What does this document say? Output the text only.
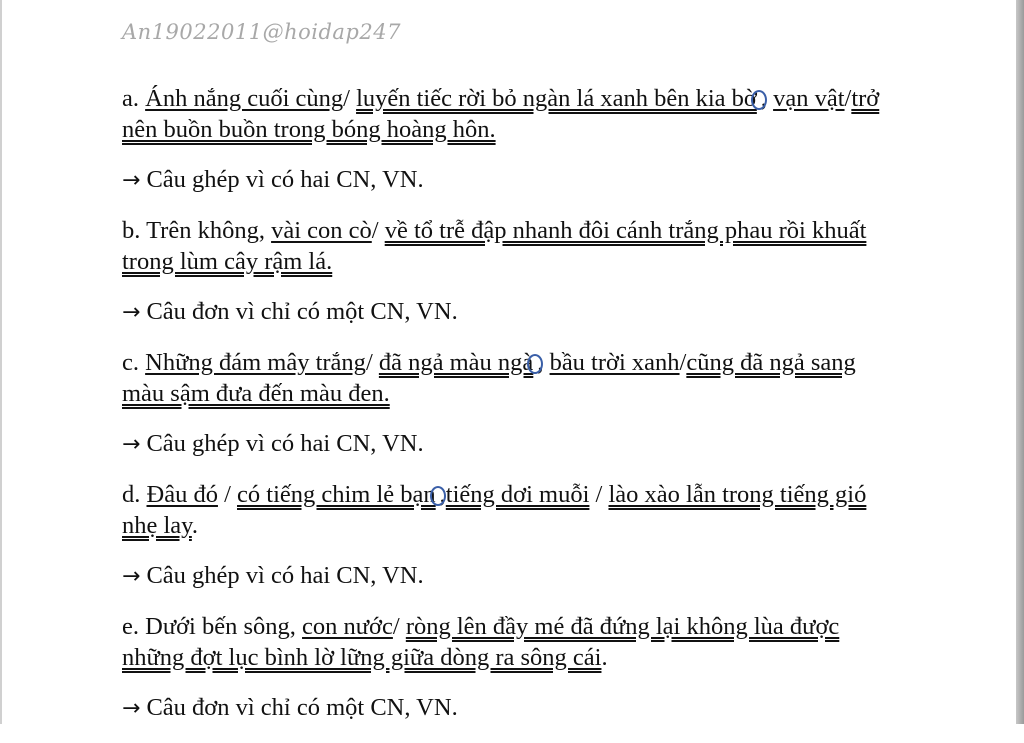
An19022011@hoidap247
a. Ánh nắng cuối cùng/ luyến tiếc rời bỏ ngàn lá xanh bên kia bờ , vạn vật/trở nên buồn buồn trong bóng hoàng hôn.
→ Câu ghép vì có hai CN, VN.
b. Trên không, vài con cò/ về tổ trễ đập nhanh đôi cánh trắng phau rồi khuất trong lùm cây rậm lá.
→ Câu đơn vì chỉ có một CN, VN.
c. Những đám mây trắng/ đã ngả màu ngà , bầu trời xanh/cũng đã ngả sang màu sậm đưa đến màu đen.
→ Câu ghép vì có hai CN, VN.
d. Đâu đó / có tiếng chim lẻ bạn ,tiếng dơi muỗi / lào xào lẫn trong tiếng gió nhẹ lay.
→ Câu ghép vì có hai CN, VN.
e. Dưới bến sông, con nước/ ròng lên đầy mé đã đứng lại không lùa được những đợt lục bình lờ lững giữa dòng ra sông cái.
→ Câu đơn vì chỉ có một CN, VN.
